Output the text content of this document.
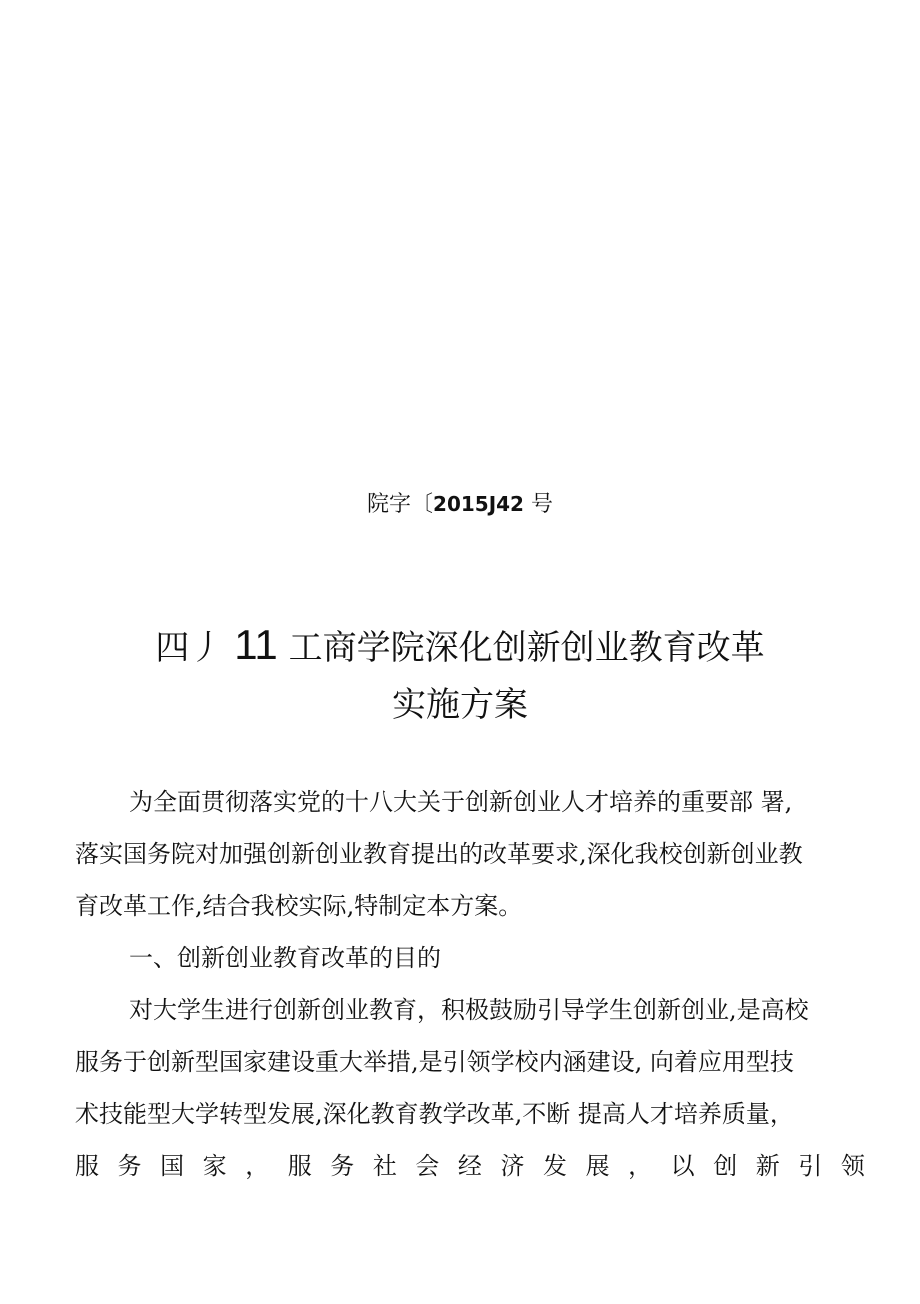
院字〔2015J42 号
四丿 11 工商学院深化创新创业教育改革
实施方案
为全面贯彻落实党的十八大关于创新创业人才培养的重要部 署,
落实国务院对加强创新创业教育提出的改革要求,深化我校创新创业教
育改革工作,结合我校实际,特制定本方案。
一、创新创业教育改革的目的
对大学生进行创新创业教育，积极鼓励引导学生创新创业,是高校
服务于创新型国家建设重大举措,是引领学校内涵建设, 向着应用型技
术技能型大学转型发展,深化教育教学改革,不断 提高人才培养质量，
服 务 国 家 ， 服 务 社 会 经 济 发 展 ， 以 创 新 引 领
